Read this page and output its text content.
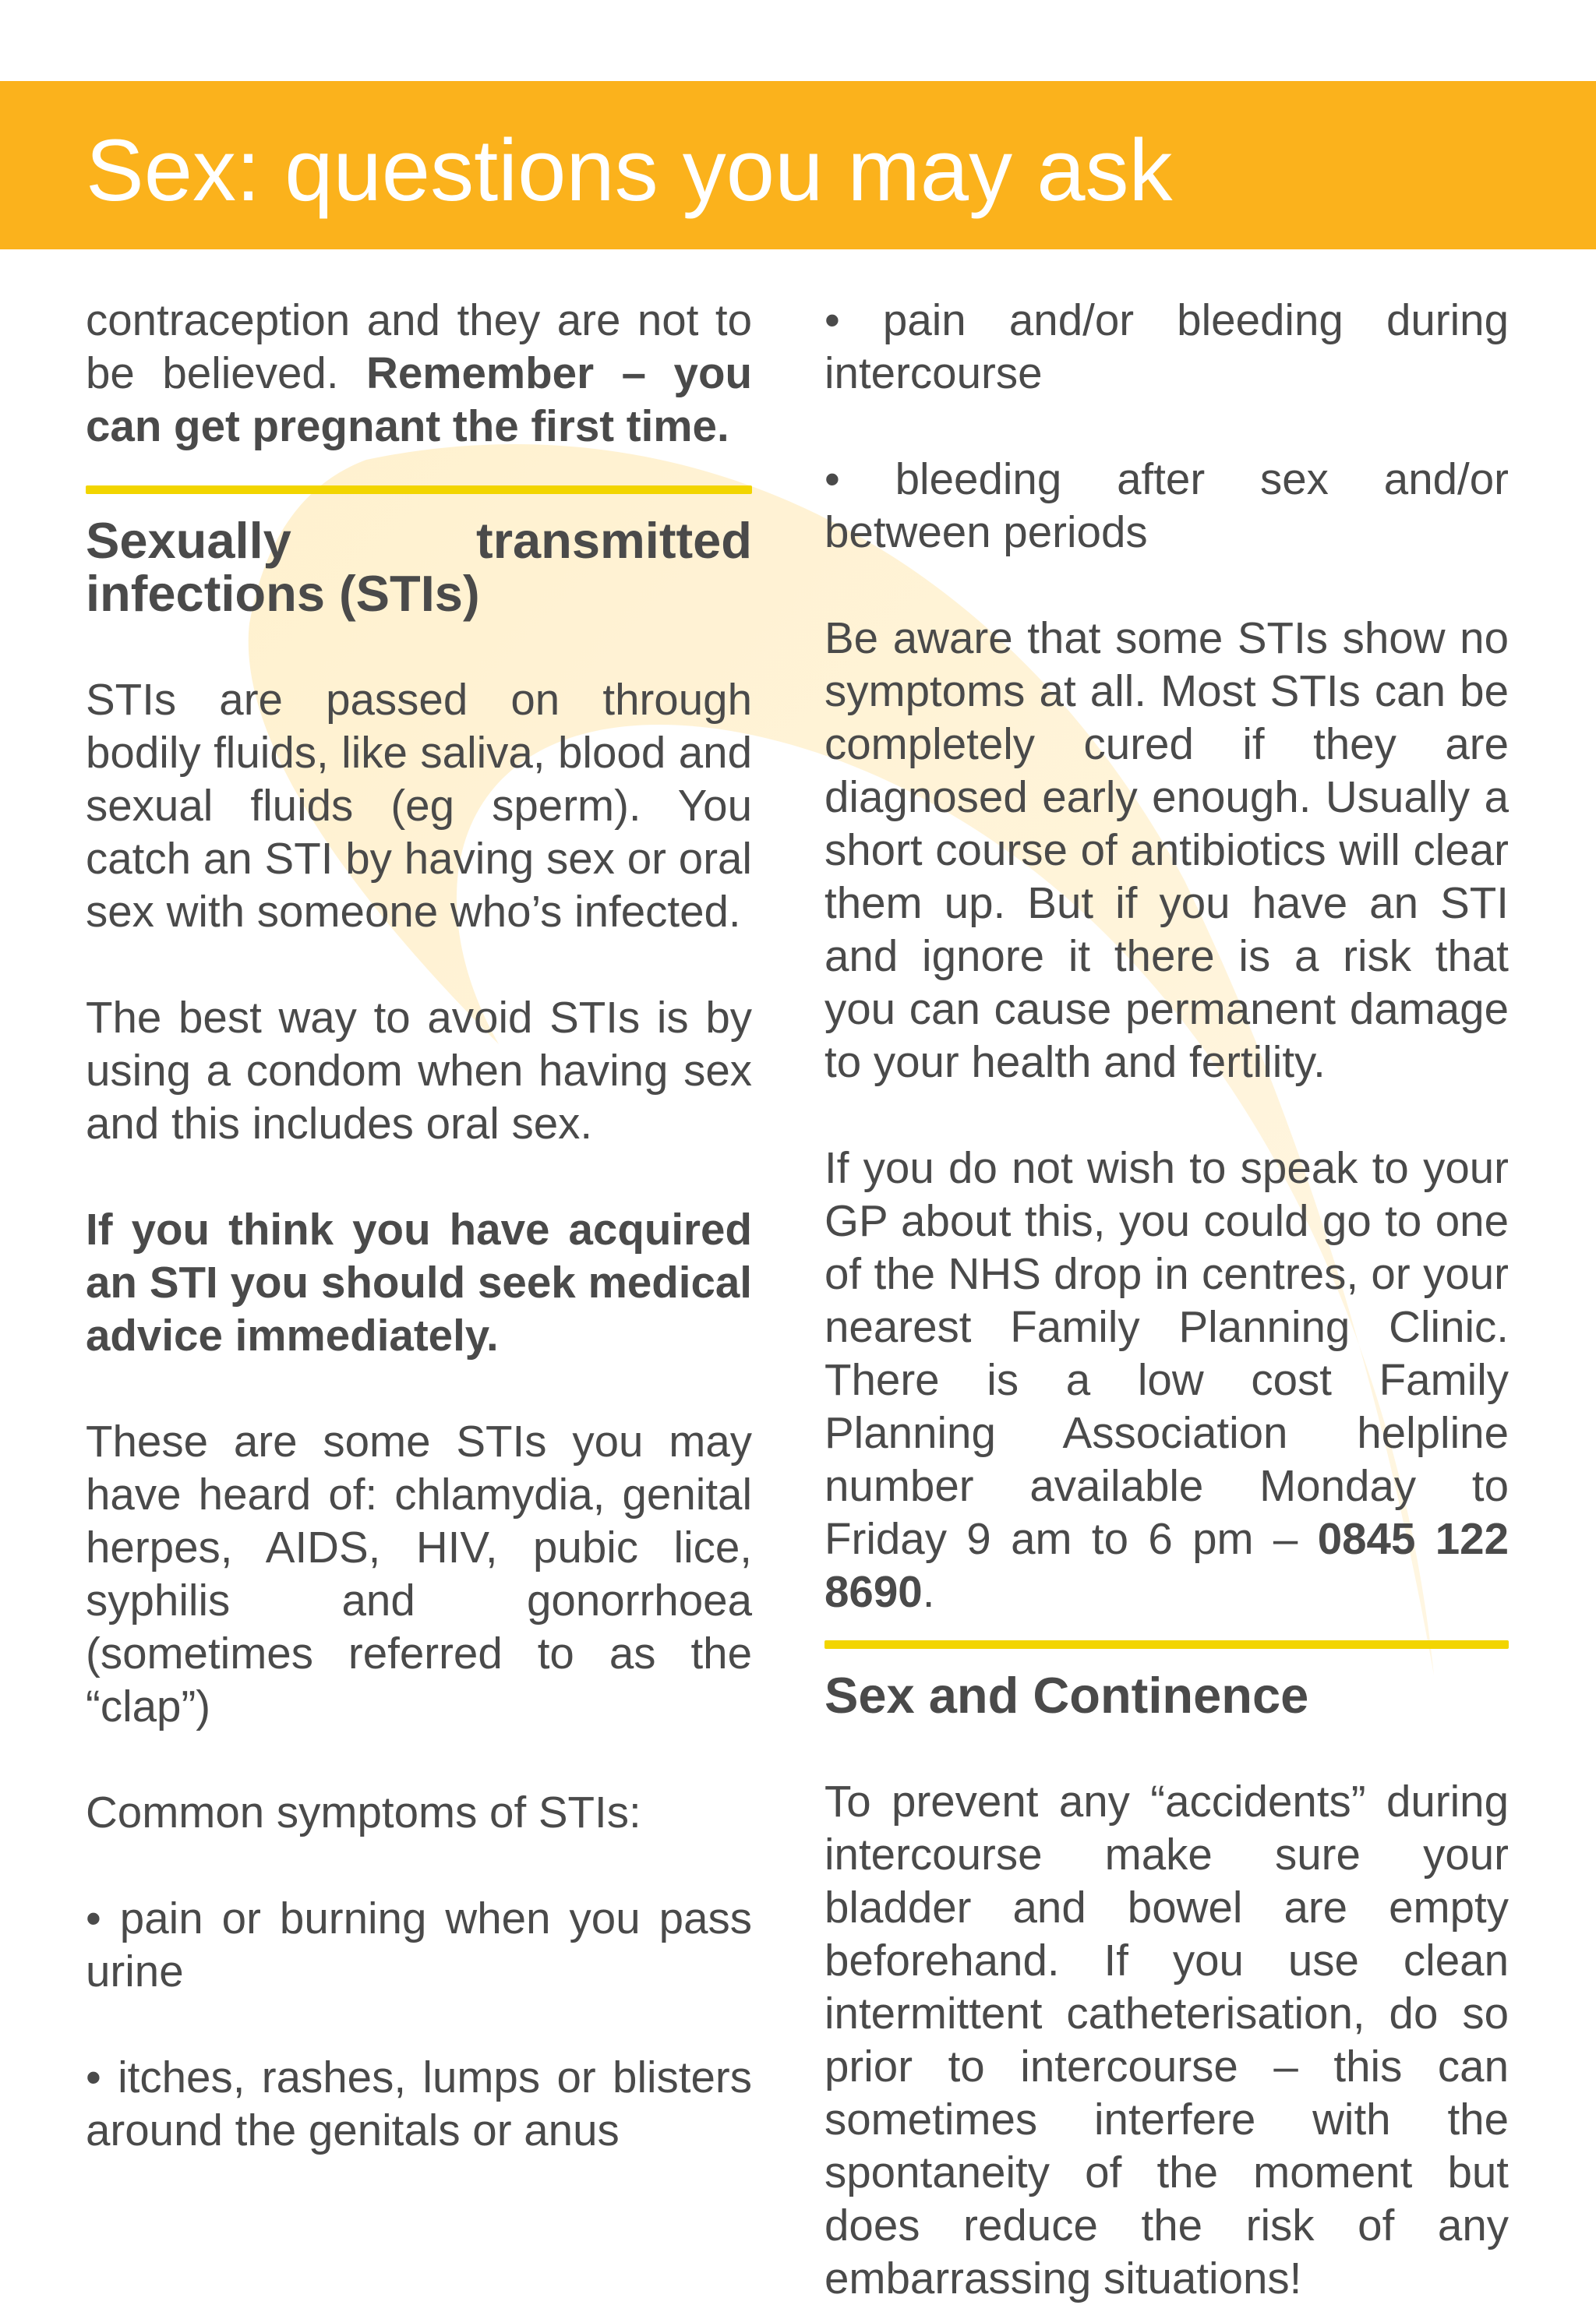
Sex: questions you may ask

contraception and they are not to be believed. Remember – you can get pregnant the first time.

Sexually transmitted infections (STIs)

STIs are passed on through bodily fluids, like saliva, blood and sexual fluids (eg sperm). You catch an STI by having sex or oral sex with someone who’s infected.

The best way to avoid STIs is by using a condom when having sex and this includes oral sex.

If you think you have acquired an STI you should seek medical advice immediately.

These are some STIs you may have heard of: chlamydia, genital herpes, AIDS, HIV, pubic lice, syphilis and gonorrhoea (sometimes referred to as the “clap”)

Common symptoms of STIs:

• pain or burning when you pass urine

• itches, rashes, lumps or blisters around the genitals or anus

• pain and/or bleeding during intercourse

• bleeding after sex and/or between periods

Be aware that some STIs show no symptoms at all. Most STIs can be completely cured if they are diagnosed early enough. Usually a short course of antibiotics will clear them up. But if you have an STI and ignore it there is a risk that you can cause permanent damage to your health and fertility.

If you do not wish to speak to your GP about this, you could go to one of the NHS drop in centres, or your nearest Family Planning Clinic. There is a low cost Family Planning Association helpline number available Monday to Friday 9 am to 6 pm – 0845 122 8690.

Sex and Continence

To prevent any “accidents” during intercourse make sure your bladder and bowel are empty beforehand. If you use clean intermittent catheterisation, do so prior to intercourse – this can sometimes interfere with the spontaneity of the moment but does reduce the risk of any embarrassing situations!
